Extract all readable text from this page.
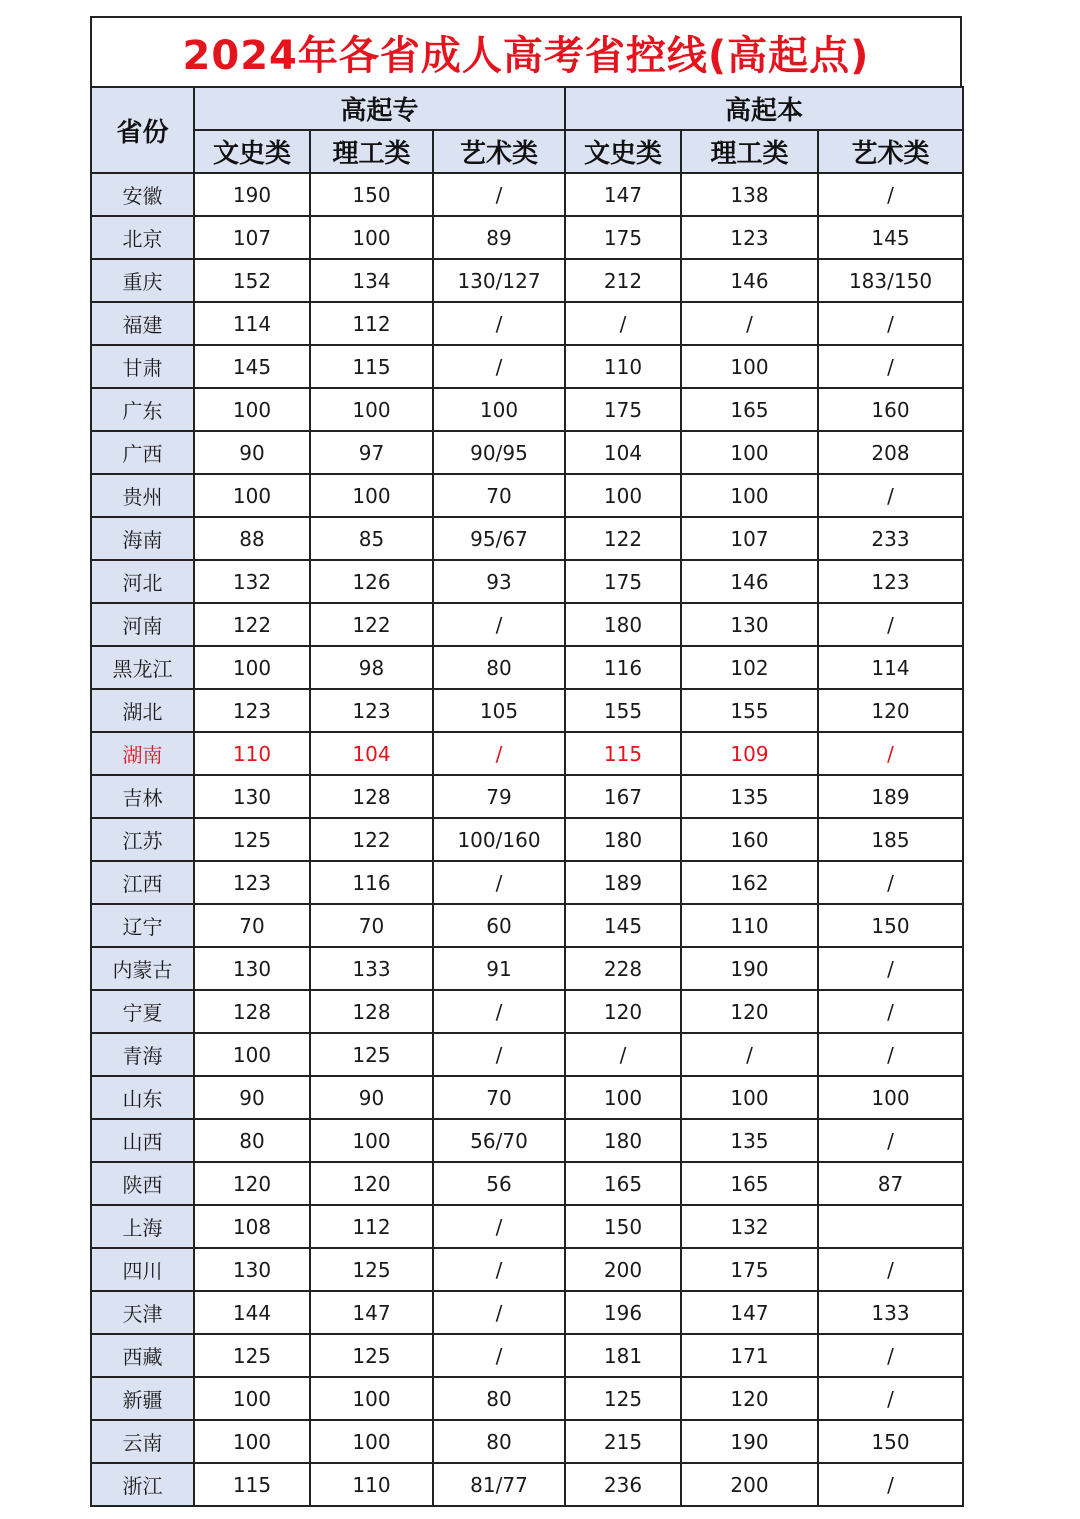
2024年各省成人高考省控线(高起点)
省份	高起专			高起本		
	文史类	理工类	艺术类	文史类	理工类	艺术类
安徽	190	150	/	147	138	/
北京	107	100	89	175	123	145
重庆	152	134	130/127	212	146	183/150
福建	114	112	/	/	/	/
甘肃	145	115	/	110	100	/
广东	100	100	100	175	165	160
广西	90	97	90/95	104	100	208
贵州	100	100	70	100	100	/
海南	88	85	95/67	122	107	233
河北	132	126	93	175	146	123
河南	122	122	/	180	130	/
黑龙江	100	98	80	116	102	114
湖北	123	123	105	155	155	120
湖南	110	104	/	115	109	/
吉林	130	128	79	167	135	189
江苏	125	122	100/160	180	160	185
江西	123	116	/	189	162	/
辽宁	70	70	60	145	110	150
内蒙古	130	133	91	228	190	/
宁夏	128	128	/	120	120	/
青海	100	125	/	/	/	/
山东	90	90	70	100	100	100
山西	80	100	56/70	180	135	/
陕西	120	120	56	165	165	87
上海	108	112	/	150	132	
四川	130	125	/	200	175	/
天津	144	147	/	196	147	133
西藏	125	125	/	181	171	/
新疆	100	100	80	125	120	/
云南	100	100	80	215	190	150
浙江	115	110	81/77	236	200	/
